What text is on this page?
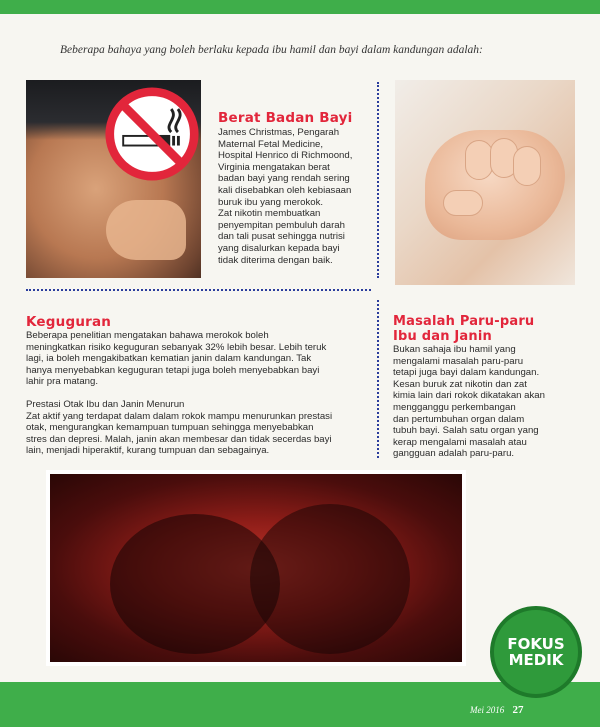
Beberapa bahaya yang boleh berlaku kepada ibu hamil dan bayi dalam kandungan adalah:
Berat Badan Bayi
James Christmas, Pengarah
Maternal Fetal Medicine,
Hospital Henrico di Richmoond,
Virginia mengatakan berat
badan bayi yang rendah sering
kali disebabkan oleh kebiasaan
buruk ibu yang merokok.
Zat nikotin membuatkan
penyempitan pembuluh darah
dan tali pusat sehingga nutrisi
yang disalurkan kepada bayi
tidak diterima dengan baik.
Keguguran

Beberapa penelitian mengatakan bahawa merokok boleh
meningkatkan risiko keguguran sebanyak 32% lebih besar. Lebih teruk
lagi, ia boleh mengakibatkan kematian janin dalam kandungan. Tak
hanya menyebabkan keguguran tetapi juga boleh menyebabkan bayi
lahir pra matang.

Prestasi Otak Ibu dan Janin Menurun
Zat aktif yang terdapat dalam dalam rokok mampu menurunkan prestasi
otak, mengurangkan kemampuan tumpuan sehingga menyebabkan
stres dan depresi. Malah, janin akan membesar dan tidak secerdas bayi
lain, menjadi hiperaktif, kurang tumpuan dan sebagainya.

Masalah Paru-paru
Ibu dan Janin
Bukan sahaja ibu hamil yang
mengalami masalah paru-paru
tetapi juga bayi dalam kandungan.
Kesan buruk zat nikotin dan zat
kimia lain dari rokok dikatakan akan
mengganggu perkembangan
dan pertumbuhan organ dalam
tubuh bayi. Salah satu organ yang
kerap mengalami masalah atau
gangguan adalah paru-paru.
FOKUS
MEDIK
Mei 2016 27
